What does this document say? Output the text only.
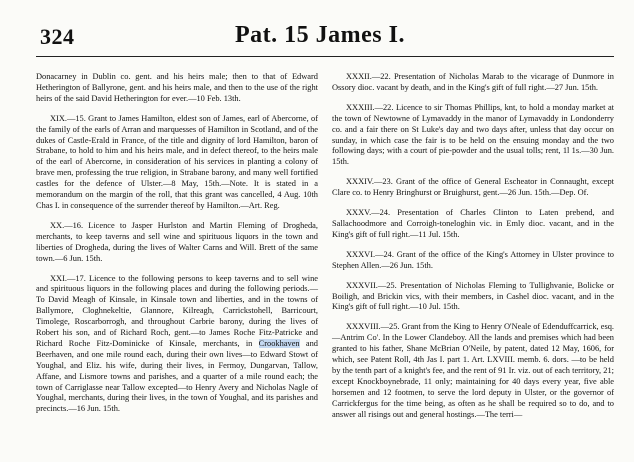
324	Pat. 15 James I.

Donacarney in Dublin co. gent. and his heirs male; then to that of Edward Hetherington of Ballyrone, gent. and his heirs male, and then to the use of the right heirs of the said David Hetherington for ever.—10 Feb. 13th.

XIX.—15. Grant to James Hamilton, eldest son of James, earl of Abercorne, of the family of the earls of Arran and marquesses of Hamilton in Scotland, and of the dukes of Castle-Erald in France, of the title and dignity of lord Hamilton, baron of Strabane, to hold to him and his heirs male, and in defect thereof, to the heirs male of the earl of Abercorne, in consideration of his services in planting a colony of brave men, professing the true religion, in Strabane barony, and many well fortified castles for the defence of Ulster.—8 May, 15th.—Note. It is stated in a memorandum on the margin of the roll, that this grant was cancelled, 4 Aug. 10th Chas I. in consequence of the surrender thereof by Hamilton.—Art. Reg.

XX.—16. Licence to Jasper Hurlston and Martin Fleming of Drogheda, merchants, to keep taverns and sell wine and spirituous liquors in the town and liberties of Drogheda, during the lives of Walter Carns and Will. Brett of the same town.—6 Jun. 15th.

XXI.—17. Licence to the following persons to keep taverns and to sell wine and spirituous liquors in the following places and during the following periods.—To David Meagh of Kinsale, in Kinsale town and liberties, and in the towns of Ballymore, Cloghnekeltie, Glannore, Kilreagh, Carrickstohell, Barricourt, Timolege, Roscarborrogh, and throughout Carbrie barony, during the lives of Robert his son, and of Richard Roch, gent.—to James Roche Fitz-Patricke and Richard Roche Fitz-Dominicke of Kinsale, merchants, in Crookhaven and Beerhaven, and one mile round each, during their own lives—to Edward Stowt of Youghal, and Eliz. his wife, during their lives, in Fermoy, Dungarvan, Tallow, Affane, and Lismore towns and parishes, and a quarter of a mile round each; the town of Carriglasse near Tallow excepted—to Henry Avery and Nicholas Nagle of Youghal, merchants, during their lives, in the town of Youghal, and its parishes and precincts.—16 Jun. 15th.

XXXII.—22. Presentation of Nicholas Marab to the vicarage of Dunmore in Ossory dioc. vacant by death, and in the King's gift of full right.—27 Jun. 15th.

XXXIII.—22. Licence to sir Thomas Phillips, knt, to hold a monday market at the town of Newtowne of Lymavaddy in the manor of Lymavaddy in Londonderry co. and a fair there on St Luke's day and two days after, unless that day occur on sunday, in which case the fair is to be held on the ensuing monday and the two following days; with a court of pie-powder and the usual tolls; rent, 1l 1s.—30 Jun. 15th.

XXXIV.—23. Grant of the office of General Escheator in Connaught, except Clare co. to Henry Bringhurst or Bruighurst, gent.—26 Jun. 15th.—Dep. Of.

XXXV.—24. Presentation of Charles Clinton to Laten prebend, and Sallachoodmore and Corroigh-toneloghin vic. in Emly dioc. vacant, and in the King's gift of full right.—11 Jul. 15th.

XXXVI.—24. Grant of the office of the King's Attorney in Ulster province to Stephen Allen.—26 Jun. 15th.

XXXVII.—25. Presentation of Nicholas Fleming to Tullighvanie, Bolicke or Boiligh, and Brickin vics, with their members, in Cashel dioc. vacant, and in the King's gift of full right.—10 Jul. 15th.

XXXVIII.—25. Grant from the King to Henry O'Neale of Edenduffcarrick, esq.—Antrim Co'. In the Lower Clandeboy. All the lands and premises which had been granted to his father, Shane McBrian O'Neile, by patent, dated 12 May, 1606, for which, see Patent Roll, 4th Jas I. part 1. Art. LXVIII. memb. 6. dors. —to be held by the tenth part of a knight's fee, and the rent of 91 Ir. viz. out of each territory, 21; except Knockboynebrade, 11 only; maintaining for 40 days every year, five able horsemen and 12 footmen, to serve the lord deputy in Ulster, or the governor of Carrickfergus for the time being, as often as he shall be required so to do, and to answer all risings out and general hostings.—The terri—
